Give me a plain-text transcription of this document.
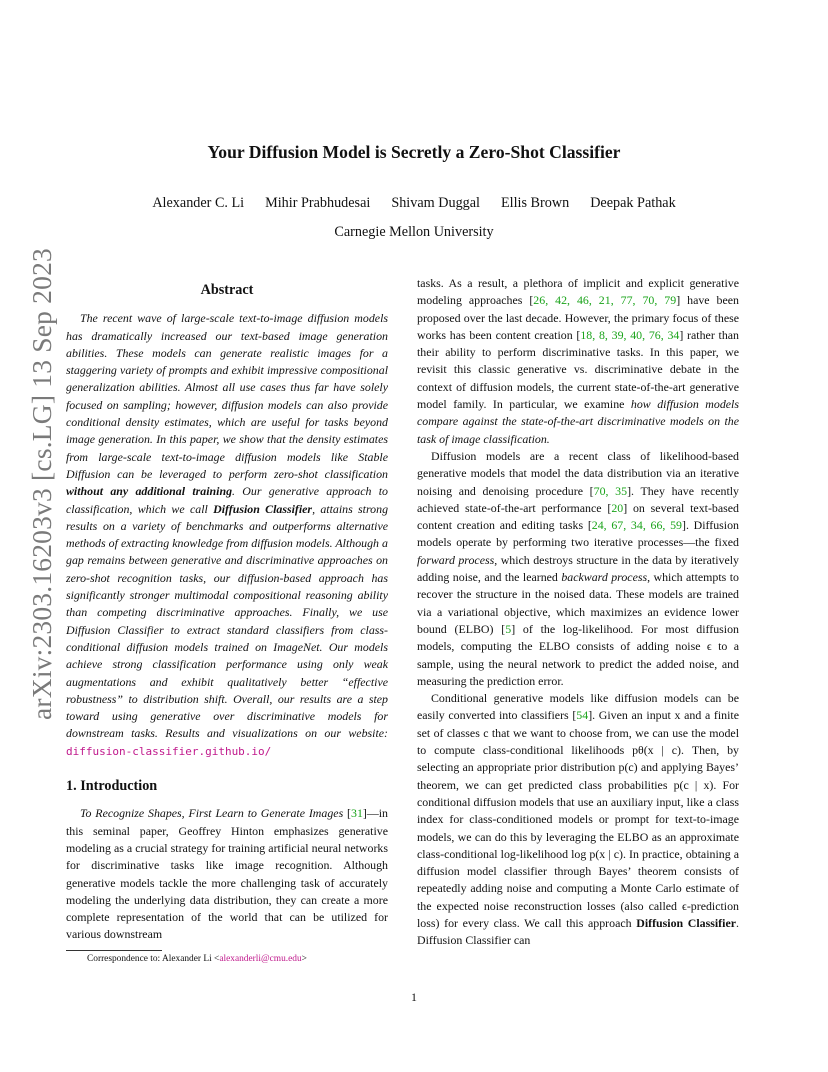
arXiv:2303.16203v3 [cs.LG] 13 Sep 2023
Your Diffusion Model is Secretly a Zero-Shot Classifier
Alexander C. Li Mihir Prabhudesai Shivam Duggal Ellis Brown Deepak Pathak
Carnegie Mellon University
Abstract

The recent wave of large-scale text-to-image diffusion models has dramatically increased our text-based image generation abilities. These models can generate realistic images for a staggering variety of prompts and exhibit impressive compositional generalization abilities. Almost all use cases thus far have solely focused on sampling; however, diffusion models can also provide conditional density estimates, which are useful for tasks beyond image generation. In this paper, we show that the density estimates from large-scale text-to-image diffusion models like Stable Diffusion can be leveraged to perform zero-shot classification without any additional training. Our generative approach to classification, which we call Diffusion Classifier, attains strong results on a variety of benchmarks and outperforms alternative methods of extracting knowledge from diffusion models. Although a gap remains between generative and discriminative approaches on zero-shot recognition tasks, our diffusion-based approach has significantly stronger multimodal compositional reasoning ability than competing discriminative approaches. Finally, we use Diffusion Classifier to extract standard classifiers from class-conditional diffusion models trained on ImageNet. Our models achieve strong classification performance using only weak augmentations and exhibit qualitatively better “effective robustness” to distribution shift. Overall, our results are a step toward using generative over discriminative models for downstream tasks. Results and visualizations on our website: diffusion-classifier.github.io/

1. Introduction

To Recognize Shapes, First Learn to Generate Images [31]—in this seminal paper, Geoffrey Hinton emphasizes generative modeling as a crucial strategy for training artificial neural networks for discriminative tasks like image recognition. Although generative models tackle the more challenging task of accurately modeling the underlying data distribution, they can create a more complete representation of the world that can be utilized for various downstream

tasks. As a result, a plethora of implicit and explicit generative modeling approaches [26, 42, 46, 21, 77, 70, 79] have been proposed over the last decade. However, the primary focus of these works has been content creation [18, 8, 39, 40, 76, 34] rather than their ability to perform discriminative tasks. In this paper, we revisit this classic generative vs. discriminative debate in the context of diffusion models, the current state-of-the-art generative model family. In particular, we examine how diffusion models compare against the state-of-the-art discriminative models on the task of image classification.

Diffusion models are a recent class of likelihood-based generative models that model the data distribution via an iterative noising and denoising procedure [70, 35]. They have recently achieved state-of-the-art performance [20] on several text-based content creation and editing tasks [24, 67, 34, 66, 59]. Diffusion models operate by performing two iterative processes—the fixed forward process, which destroys structure in the data by iteratively adding noise, and the learned backward process, which attempts to recover the structure in the noised data. These models are trained via a variational objective, which maximizes an evidence lower bound (ELBO) [5] of the log-likelihood. For most diffusion models, computing the ELBO consists of adding noise ϵ to a sample, using the neural network to predict the added noise, and measuring the prediction error.

Conditional generative models like diffusion models can be easily converted into classifiers [54]. Given an input x and a finite set of classes c that we want to choose from, we can use the model to compute class-conditional likelihoods pθ(x | c). Then, by selecting an appropriate prior distribution p(c) and applying Bayes’ theorem, we can get predicted class probabilities p(c | x). For conditional diffusion models that use an auxiliary input, like a class index for class-conditioned models or prompt for text-to-image models, we can do this by leveraging the ELBO as an approximate class-conditional log-likelihood log p(x | c). In practice, obtaining a diffusion model classifier through Bayes’ theorem consists of repeatedly adding noise and computing a Monte Carlo estimate of the expected noise reconstruction losses (also called ϵ-prediction loss) for every class. We call this approach Diffusion Classifier. Diffusion Classifier can

Correspondence to: Alexander Li <alexanderli@cmu.edu>
1
